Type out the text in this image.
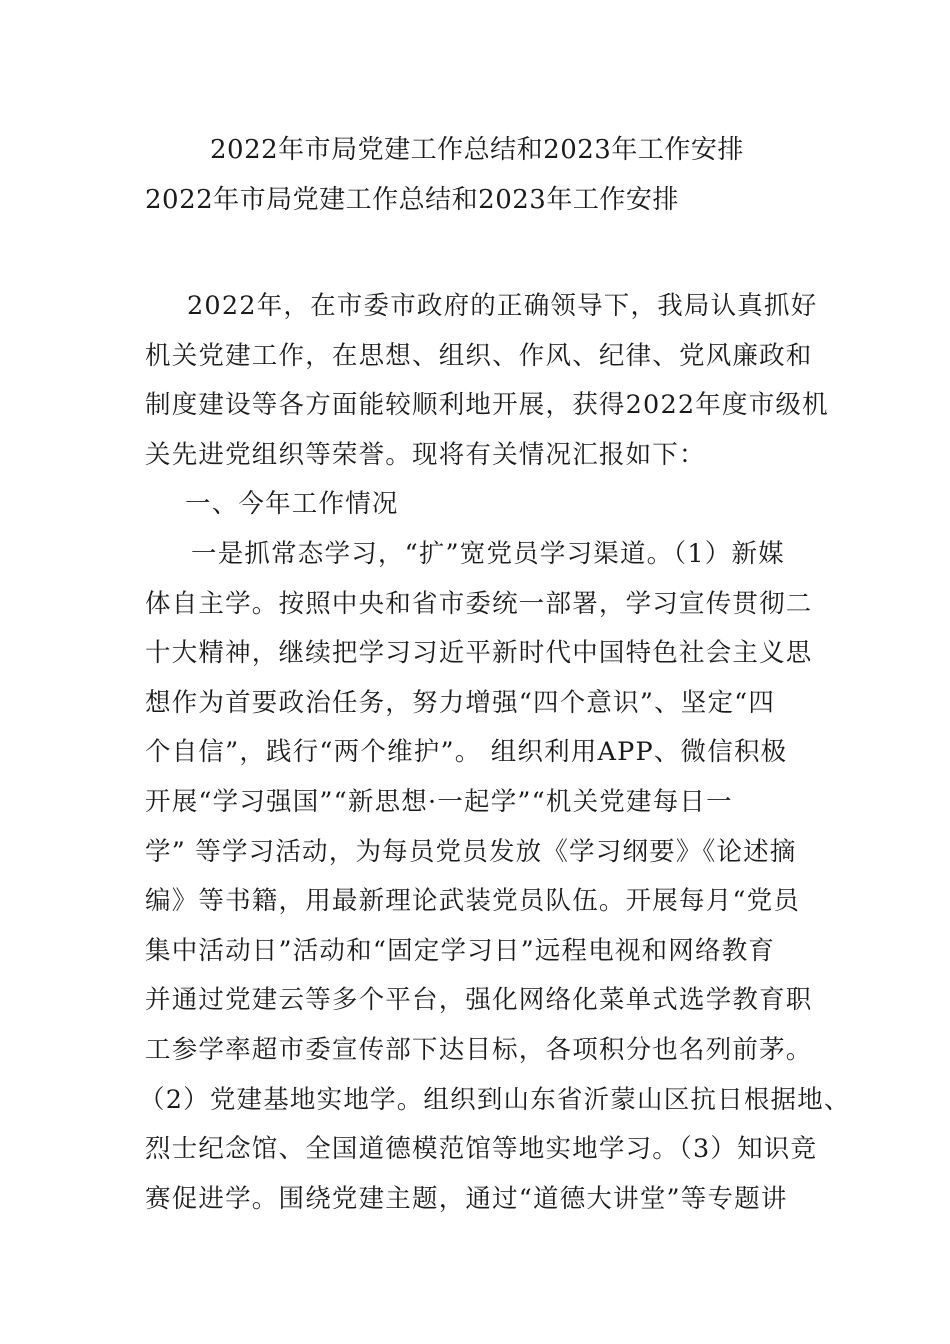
2022年市局党建工作总结和2023年工作安排
2022年市局党建工作总结和2023年工作安排
2022年，在市委市政府的正确领导下，我局认真抓好
机关党建工作，在思想、组织、作风、纪律、党风廉政和
制度建设等各方面能较顺利地开展，获得2022年度市级机
关先进党组织等荣誉。现将有关情况汇报如下：
一、今年工作情况
一是抓常态学习，“扩”宽党员学习渠道。（1）新媒
体自主学。按照中央和省市委统一部署，学习宣传贯彻二
十大精神，继续把学习习近平新时代中国特色社会主义思
想作为首要政治任务，努力增强“四个意识”、坚定“四
个自信”，践行“两个维护”。 组织利用APP、微信积极
开展“学习强国”“新思想·一起学”“机关党建每日一
学” 等学习活动，为每员党员发放《学习纲要》《论述摘
编》等书籍，用最新理论武装党员队伍。开展每月“党员
集中活动日”活动和“固定学习日”远程电视和网络教育
并通过党建云等多个平台，强化网络化菜单式选学教育职
工参学率超市委宣传部下达目标，各项积分也名列前茅。
（2）党建基地实地学。组织到山东省沂蒙山区抗日根据地、
烈士纪念馆、全国道德模范馆等地实地学习。（3）知识竞
赛促进学。围绕党建主题，通过“道德大讲堂”等专题讲
